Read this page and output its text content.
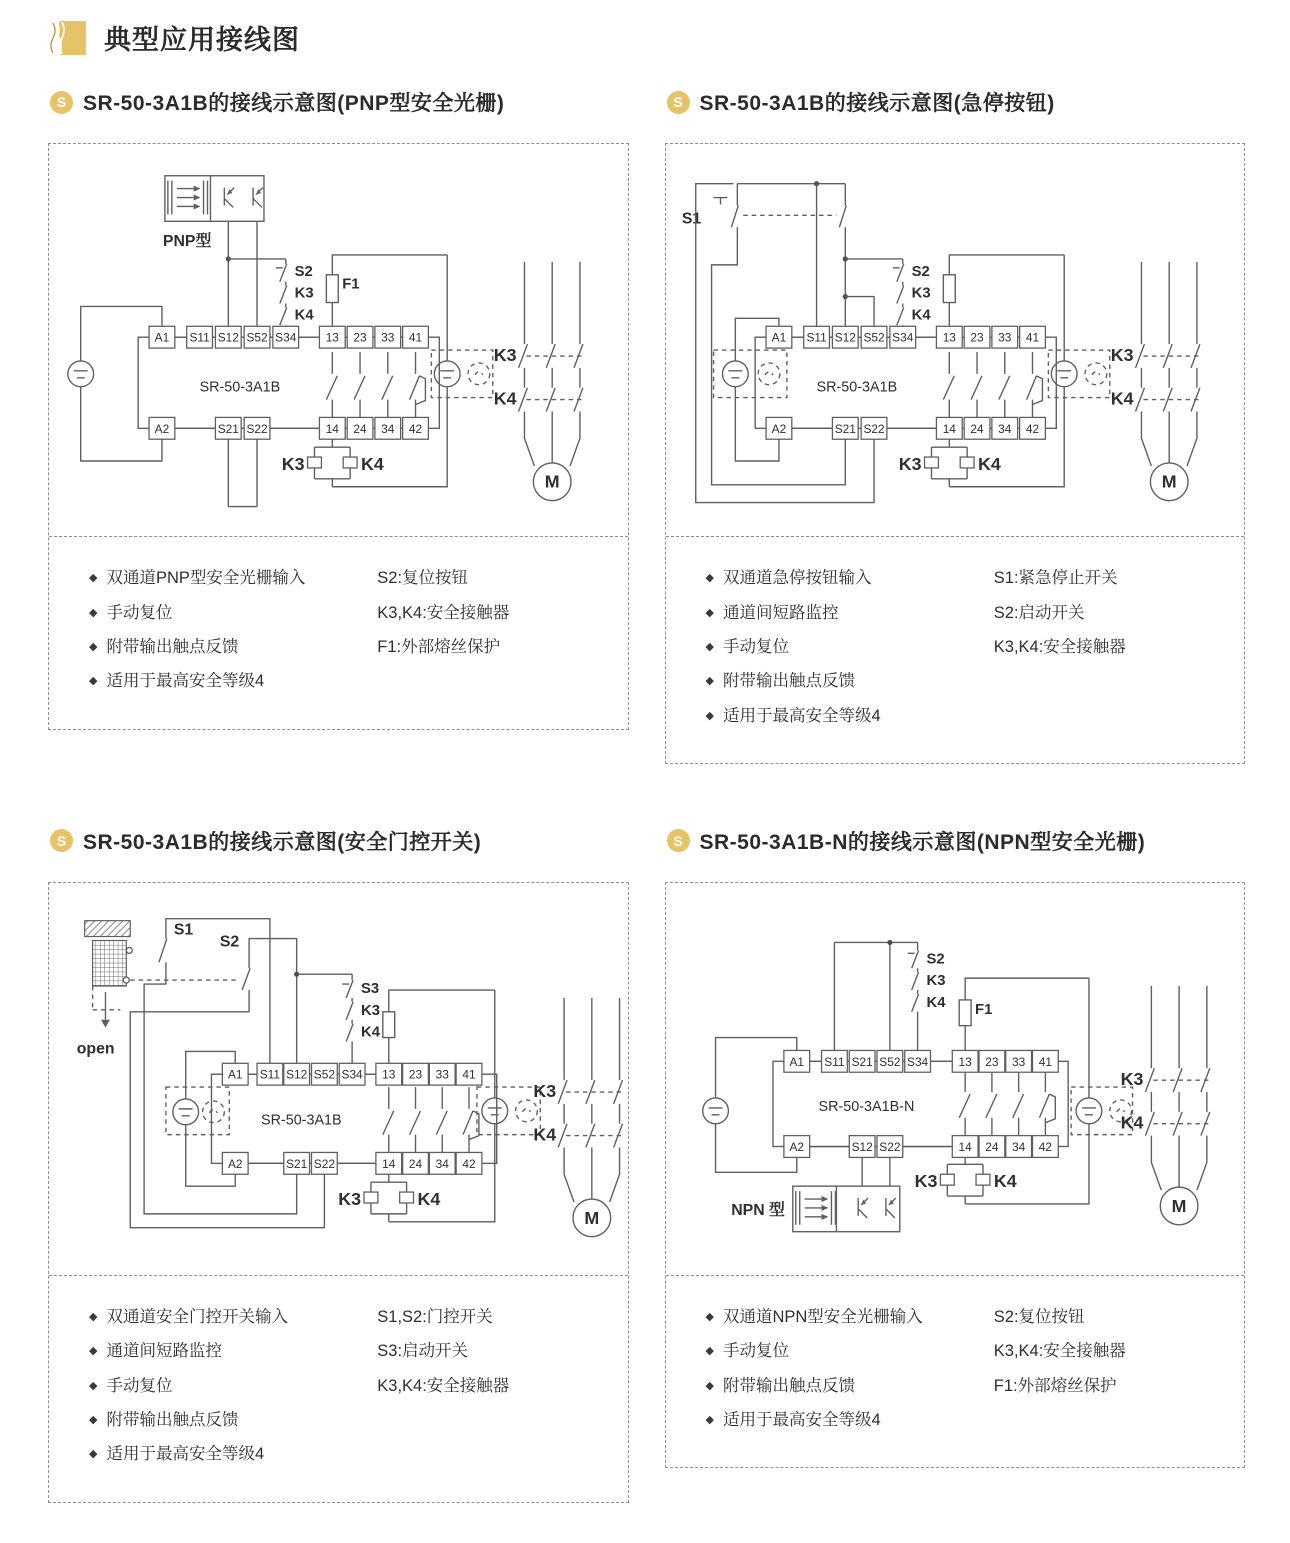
典型应用接线图
S SR-50-3A1B的接线示意图(PNP型安全光栅)
SR-50-3A1B
PNP型
S2
K3
K4
F1
K3	K4
K3
K4
M
A1 S11 S12 S52 S34 13 23 33 41
A2	S21 S22	14 24 34 42
◆ 双通道PNP型安全光栅输入
◆ 手动复位
◆ 附带输出触点反馈
◆ 适用于最高安全等级4
S2:复位按钮
K3,K4:安全接触器
F1:外部熔丝保护
S SR-50-3A1B的接线示意图(急停按钮)
SR-50-3A1B
S1
S2
K3
K4
K3	K4
K3
K4
M
A1 S11 S12 S52 S34 13 23 33 41
A2	S21 S22	14 24 34 42
◆ 双通道急停按钮输入
◆ 通道间短路监控
◆ 手动复位
◆ 附带输出触点反馈
◆ 适用于最高安全等级4
S1:紧急停止开关
S2:启动开关
K3,K4:安全接触器
S SR-50-3A1B的接线示意图(安全门控开关)
SR-50-3A1B
open
S1
S2
S3
K3
K4
K3	K4
K3
K4
M
A1 S11 S12 S52 S34 13 23 33 41
A2	S21 S22	14 24 34 42
◆ 双通道安全门控开关输入
◆ 通道间短路监控
◆ 手动复位
◆ 附带输出触点反馈
◆ 适用于最高安全等级4
S1,S2:门控开关
S3:启动开关
K3,K4:安全接触器
S SR-50-3A1B-N的接线示意图(NPN型安全光栅)
SR-50-3A1B-N
S2
K3
K4 F1
K3	K4
NPN 型
K3
K4
M
A1 S11 S21 S52 S34	13 23 33 41
A2	S12 S22	14 24 34 42
◆ 双通道NPN型安全光栅输入
◆ 手动复位
◆ 附带输出触点反馈
◆ 适用于最高安全等级4
S2:复位按钮
K3,K4:安全接触器
F1:外部熔丝保护
